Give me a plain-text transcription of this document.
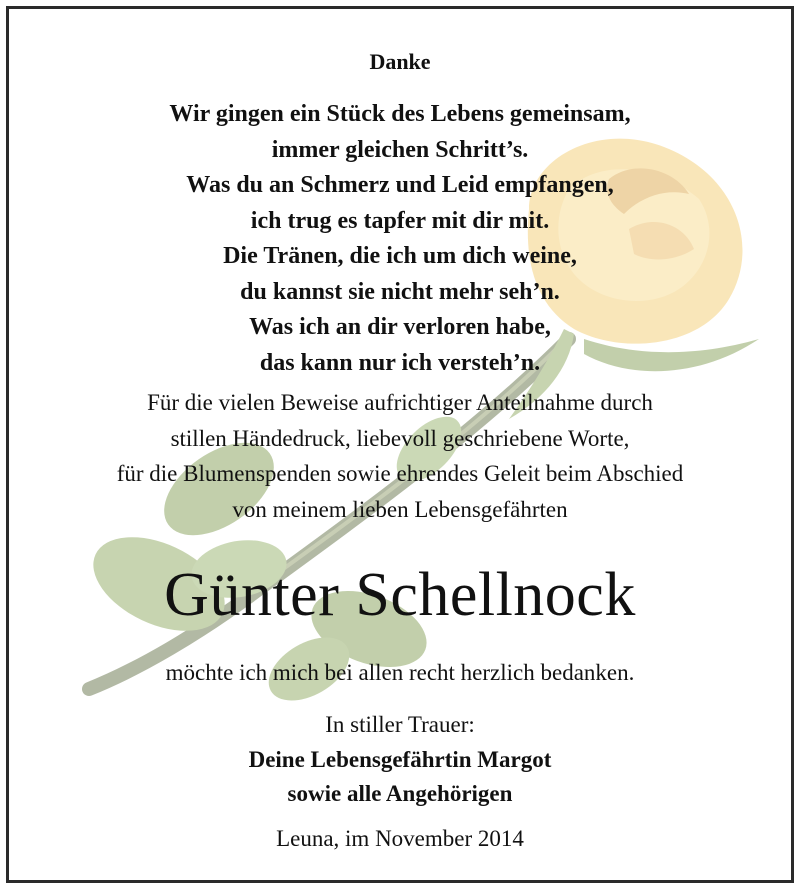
Danke
Wir gingen ein Stück des Lebens gemeinsam,
immer gleichen Schritt’s.
Was du an Schmerz und Leid empfangen,
ich trug es tapfer mit dir mit.
Die Tränen, die ich um dich weine,
du kannst sie nicht mehr seh’n.
Was ich an dir verloren habe,
das kann nur ich versteh’n.
Für die vielen Beweise aufrichtiger Anteilnahme durch
stillen Händedruck, liebevoll geschriebene Worte,
für die Blumenspenden sowie ehrendes Geleit beim Abschied
von meinem lieben Lebensgefährten
Günter Schellnock
möchte ich mich bei allen recht herzlich bedanken.
In stiller Trauer:
Deine Lebensgefährtin Margot
sowie alle Angehörigen
Leuna, im November 2014
